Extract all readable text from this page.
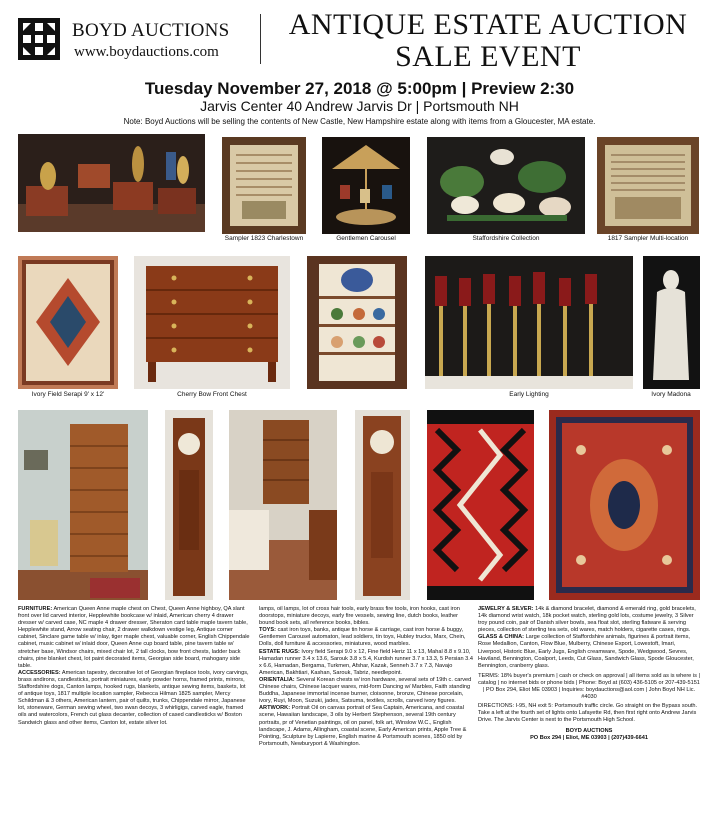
BOYD AUCTIONS
www.boydauctions.com
ANTIQUE ESTATE AUCTION
SALE EVENT
Tuesday November 27, 2018 @ 5:00pm | Preview 2:30
Jarvis Center 40 Andrew Jarvis Dr | Portsmouth NH
Note: Boyd Auctions will be selling the contents of New Castle, New Hampshire estate along with items from a Gloucester, MA estate.
Sampler 1823 Charlestown	Gentlemen Carousel	Staffordshire Collection	1817 Sampler Multi-location
Ivory Field Serapi 9' x 12'	Cherry Bow Front Chest	Early Lighting	Ivory Madona

FURNITURE: American Queen Anne maple chest on Chest, Queen Anne highboy, QA slant front over lid carved interior, Hepplewhite bookcase w/ inlaid, American cherry 4 drawer dresser w/ carved case, NC maple 4 drawer dresser, Sheraton card table maple tavern table, Hepplewhite stand, Arrow seating chair, 2 drawer walkdown vestige leg, Antique corner cabinet, Sinclare game table w/ inlay, tiger maple chest, valuable corner, English Chippendale cabinet, music cabinet w/ inlaid door, Queen Anne cup board table, pine tavern table w/ stretcher base, Windsor chairs, mixed chair lot, 2 tall clocks, bow front chests, ladder back chairs, pine blanket chest, lot paint decorated items, Georgian side board, mahogany side table.

ACCESSORIES: American tapestry, decorative lot of Georgian fireplace tools, ivory carvings, brass andirons, candlesticks, portrait miniatures, early powder horns, framed prints, mirrors, Staffordshire dogs, Canton lamps, hooked rugs, blankets, antique sewing items, baskets, lot of antique toys, 1817 multiple location sampler, Rebecca Hilman 1825 sampler, Mercy Schildman & 3 others, American lantern, pair of quilts, trunks, Chippendale mirror, Japanese lot, stoneware, German sewing wheel, two swan decoys, 3 whirligigs, carved eagle, framed oils and watercolors, French cut glass decanter, collection of cased candlesticks w/ Boston Sandwich glass and other items, Canton lot, estate silver lot.

lamps, oil lamps, lot of cross hair tools, early brass fire tools, iron hooks, cast iron doorstops, miniature decoys, early fire vessels, sewing line, dutch books, leather bound book sets, all reference books, bibles.

TOYS: cast iron toys, banks, antique tin horse & carriage, cast iron horse & buggy, Gentlemen Carousel automaton, lead soldiers, tin toys, Hubley trucks, Marx, Chein, Dolls, doll furniture & accessories, miniatures, wood marbles.

ESTATE RUGS: Ivory field Serapi 9.0 x 12, Fine field Heriz 11 x 13, Mahal 8.8 x 9.10, Hamadan runner 3.4 x 13.6, Sarouk 3.8 x 5.4, Kurdish runner 3.7 x 13.3, 5 Persian 3.4 x 6.6, Hamadan, Bergama, Turkmen, Afshar, Kazak, Senneh 3.7 x 7.3, Navajo American, Bakhtiari, Kashan, Sarouk, Tabriz, needlepoint.

ORIENTALIA: Several Korean chests w/ iron hardware, several sets of 19th c. carved Chinese chairs, Chinese lacquer wares, mid-form Dancing w/ Marbles, Faith standing Buddha, Japanese immortal incense burner, cloisonne, bronze, Chinese porcelain, ivory, Ruyi, Moon, Suzuki, jades, Satsuma, textiles, scrolls, carved ivory figures.

ARTWORK: Portrait Oil on canvas portrait of Sea Captain, Americana, and coastal scene, Hawaiian landscape, 3 oils by Herbert Stephenson, several 19th century portraits, pr of Venetian paintings, oil on panel, folk art, Winslow W.C., English landscape, J. Adams, Allingham, coastal scene, Early American prints, Apple Tree & Pointing, Sculpture by Lapierre, English marine & Portsmouth scenes, 1850 old by Portsmouth, Newburyport & Washington.

JEWELRY & SILVER: 14k & diamond bracelet, diamond & emerald ring, gold bracelets, 14k diamond wrist watch, 18k pocket watch, sterling gold lots, costume jewelry, 3 Silver troy pound coin, pair of Danish silver bowls, sea float slot, sterling flatware & serving pieces, collection of sterling tea sets, old wares, match holders, cigarette cases, rings.

GLASS & CHINA: Large collection of Staffordshire animals, figurines & portrait items, Rose Medallion, Canton, Flow Blue, Mulberry, Chinese Export, Lowestoft, Imari, Liverpool, Historic Blue, Early Jugs, English creamware, Spode, Wedgwood, Sevres, Haviland, Bennington, Coalport, Leeds, Cut Glass, Sandwich Glass, Spode Gloucester, Bennington, cranberry glass.

TERMS: 18% buyer's premium | cash or check on approval | all items sold as is where is | catalog | no internet bids or phone bids | Phone: Boyd at (603) 436-5105 or 207-439-5151 | PO Box 294, Eliot ME 03903 | Inquiries: boydauctions@aol.com | John Boyd NH Lic. #4030

DIRECTIONS: I-95, NH exit 5: Portsmouth traffic circle. Go straight on the Bypass south. Take a left at the fourth set of lights onto Lafayette Rd, then first right onto Andrew Jarvis Drive. The Jarvis Center is next to the Portsmouth High School.

BOYD AUCTIONS

PO Box 294 | Eliot, ME 03903 | (207)439-6641
